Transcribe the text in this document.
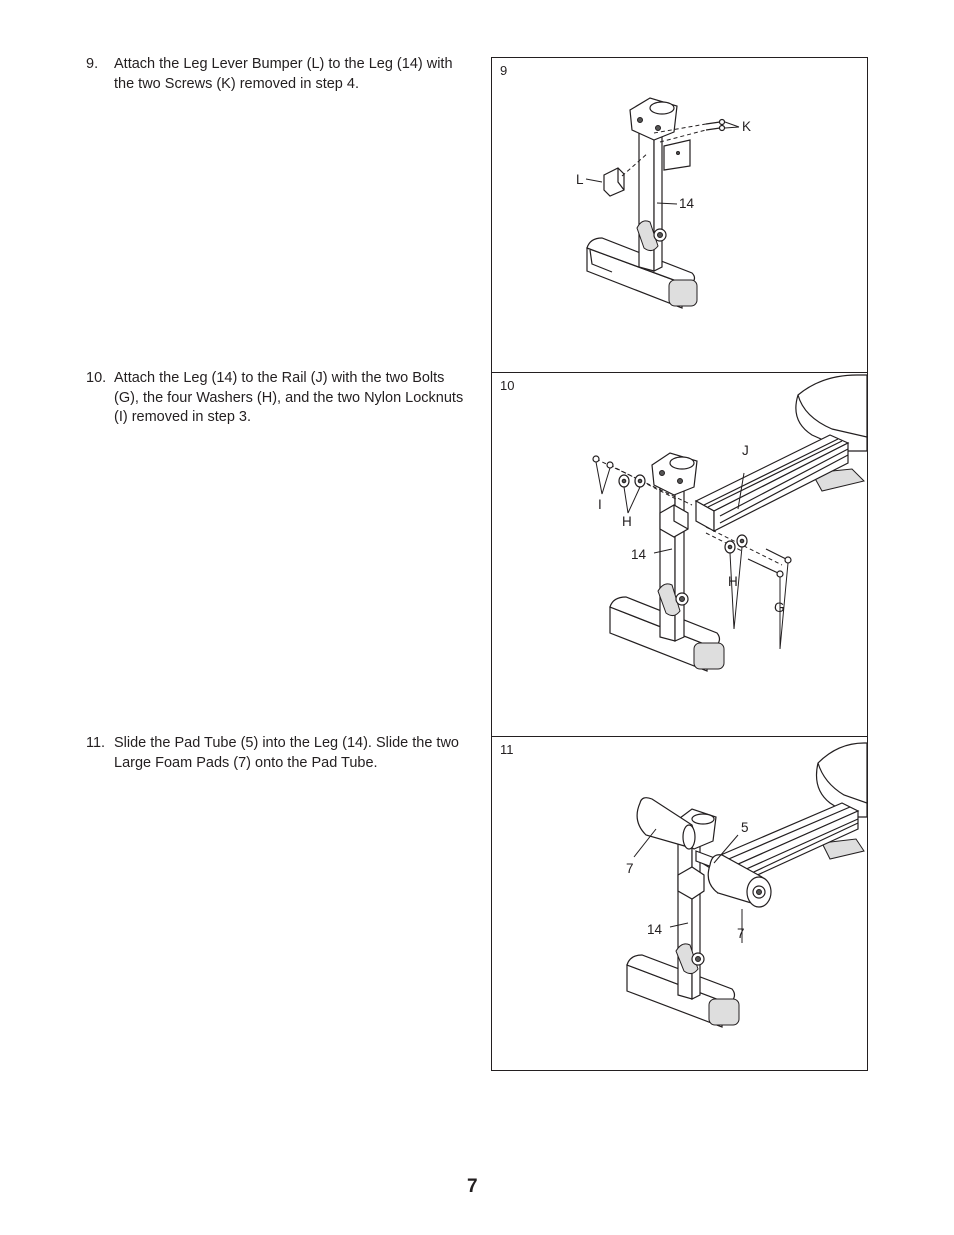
9. Attach the Leg Lever Bumper (L) to the Leg (14) with the two Screws (K) removed in step 4.
10. Attach the Leg (14) to the Rail (J) with the two Bolts (G), the four Washers (H), and the two Nylon Locknuts (I) removed in step 3.
11. Slide the Pad Tube (5) into the Leg (14). Slide the two Large Foam Pads (7) onto the Pad Tube.
9
K
L
14
10
J
I
H
14
H
G
11
5
7
14	7
7
